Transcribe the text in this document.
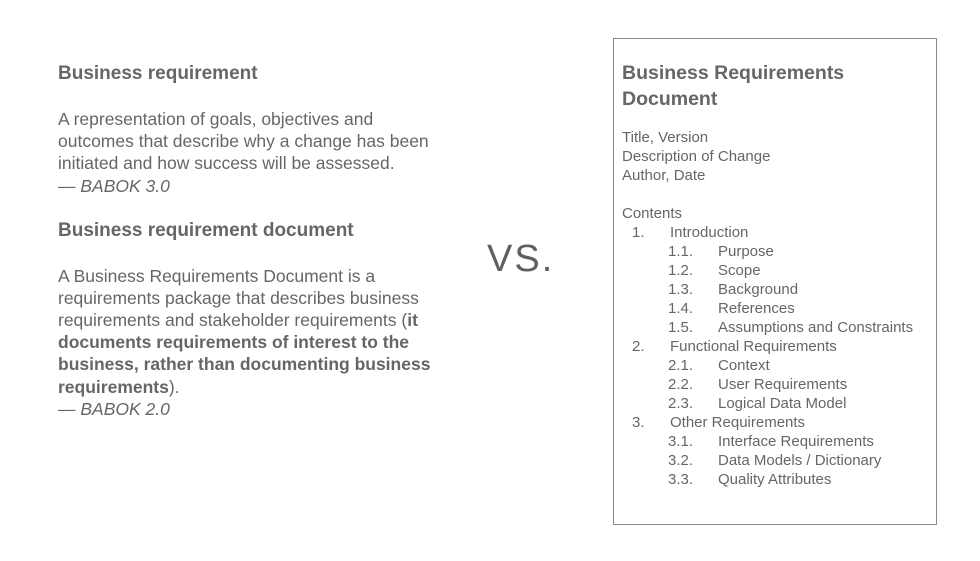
Business requirement
A representation of goals, objectives and outcomes that describe why a change has been initiated and how success will be assessed.
— BABOK 3.0
Business requirement document
A Business Requirements Document is a requirements package that describes business requirements and stakeholder requirements (it documents requirements of interest to the business, rather than documenting business requirements).
— BABOK 2.0
VS.
Business Requirements Document
Title, Version
Description of Change
Author, Date
Contents
1.	Introduction
1.1.	Purpose
1.2.	Scope
1.3.	Background
1.4.	References
1.5.	Assumptions and Constraints
2.	Functional Requirements
2.1.	Context
2.2.	User Requirements
2.3.	Logical Data Model
3.	Other Requirements
3.1.	Interface Requirements
3.2.	Data Models / Dictionary
3.3.	Quality Attributes
